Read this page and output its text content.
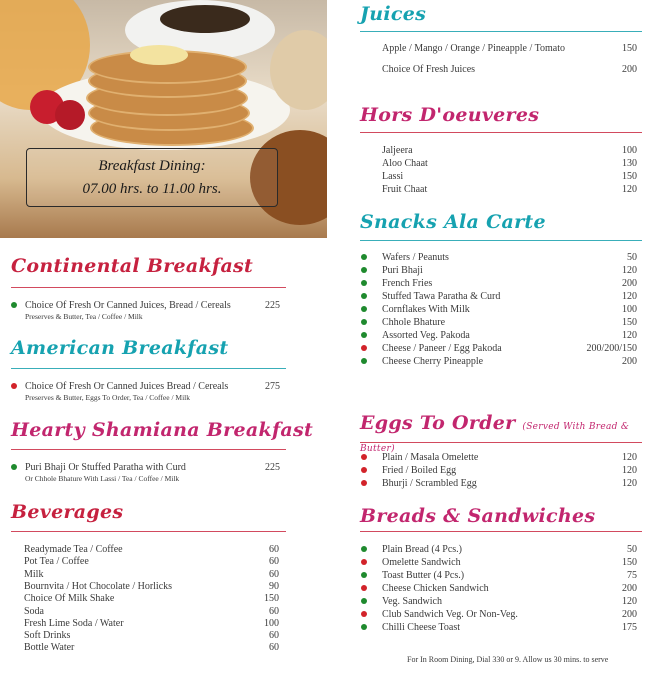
Breakfast Dining:
07.00 hrs. to 11.00 hrs.
Continental Breakfast
Choice Of Fresh Or Canned Juices, Bread / Cereals	225
Preserves & Butter, Tea / Coffee / Milk
American Breakfast
Choice Of Fresh Or Canned Juices Bread / Cereals	275
Preserves & Butter, Eggs To Order, Tea / Coffee / Milk
Hearty Shamiana Breakfast
Puri Bhaji Or Stuffed Paratha with Curd	225
Or Chhole Bhature With Lassi / Tea / Coffee / Milk
Beverages
Readymade Tea / Coffee	60
Pot Tea / Coffee	60
Milk	60
Bournvita / Hot Chocolate / Horlicks	90
Choice Of Milk Shake	150
Soda	60
Fresh Lime Soda / Water	100
Soft Drinks	60
Bottle Water	60
Juices
Apple / Mango / Orange / Pineapple / Tomato	150
Choice Of Fresh Juices	200
Hors D'oeuveres
Jaljeera	100
Aloo Chaat	130
Lassi	150
Fruit Chaat	120
Snacks Ala Carte
Wafers / Peanuts	50
Puri Bhaji	120
French Fries	200
Stuffed Tawa Paratha & Curd	120
Cornflakes With Milk	100
Chhole Bhature	150
Assorted Veg. Pakoda	120
Cheese / Paneer / Egg Pakoda	200/200/150
Cheese Cherry Pineapple	200
Eggs To Order (Served With Bread & Butter)
Plain / Masala Omelette	120
Fried / Boiled Egg	120
Bhurji / Scrambled Egg	120
Breads & Sandwiches
Plain Bread (4 Pcs.)	50
Omelette Sandwich	150
Toast Butter (4 Pcs.)	75
Cheese Chicken Sandwich	200
Veg. Sandwich	120
Club Sandwich Veg. Or Non-Veg.	200
Chilli Cheese Toast	175
For In Room Dining, Dial 330 or 9. Allow us 30 mins. to serve
